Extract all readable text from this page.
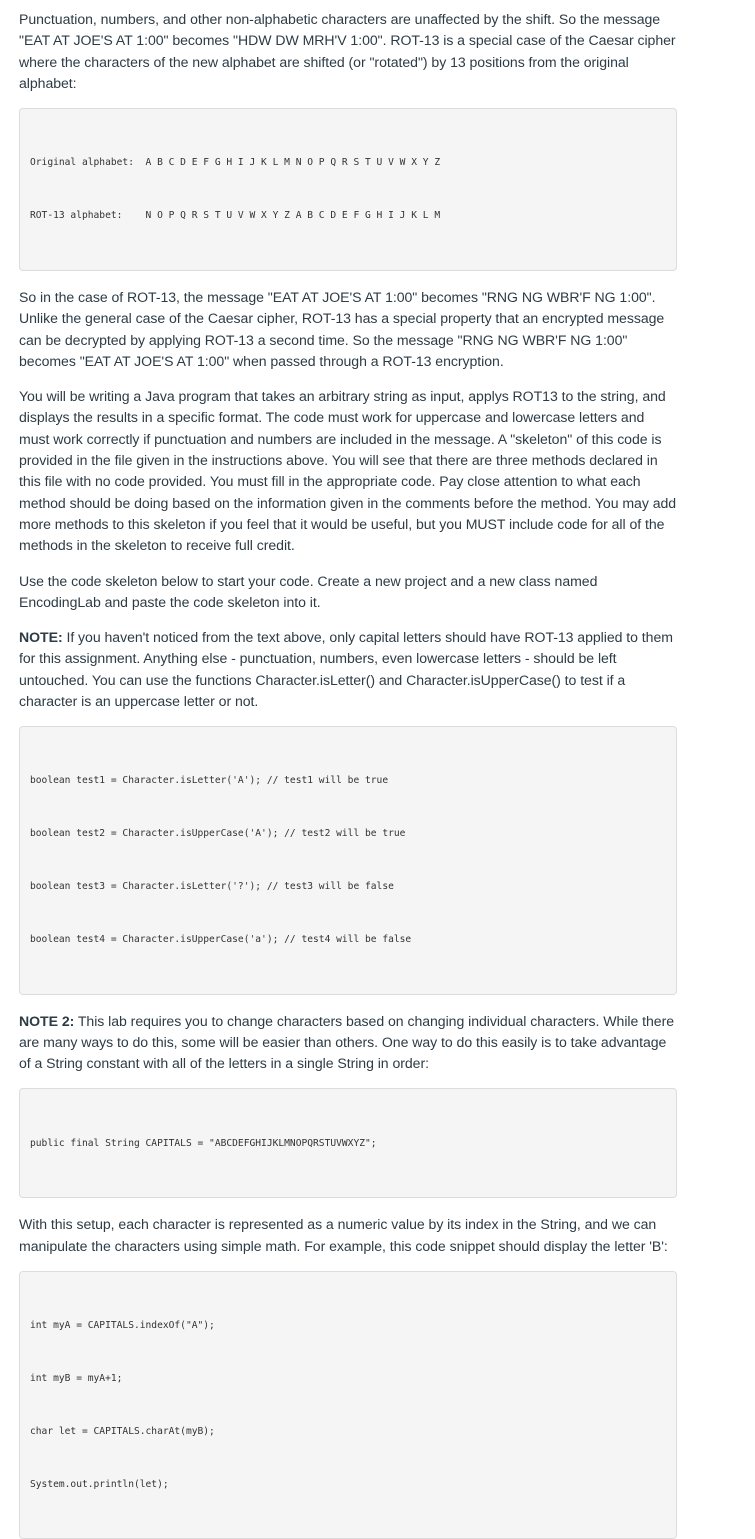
Punctuation, numbers, and other non-alphabetic characters are unaffected by the shift. So the message "EAT AT JOE'S AT 1:00" becomes "HDW DW MRH'V 1:00". ROT-13 is a special case of the Caesar cipher where the characters of the new alphabet are shifted (or "rotated") by 13 positions from the original alphabet:

Original alphabet:  A B C D E F G H I J K L M N O P Q R S T U V W X Y Z

ROT-13 alphabet:    N O P Q R S T U V W X Y Z A B C D E F G H I J K L M

So in the case of ROT-13, the message "EAT AT JOE'S AT 1:00" becomes "RNG NG WBR'F NG 1:00". Unlike the general case of the Caesar cipher, ROT-13 has a special property that an encrypted message can be decrypted by applying ROT-13 a second time. So the message "RNG NG WBR'F NG 1:00" becomes "EAT AT JOE'S AT 1:00" when passed through a ROT-13 encryption.

You will be writing a Java program that takes an arbitrary string as input, applys ROT13 to the string, and displays the results in a specific format. The code must work for uppercase and lowercase letters and must work correctly if punctuation and numbers are included in the message. A "skeleton" of this code is provided in the file given in the instructions above. You will see that there are three methods declared in this file with no code provided. You must fill in the appropriate code. Pay close attention to what each method should be doing based on the information given in the comments before the method. You may add more methods to this skeleton if you feel that it would be useful, but you MUST include code for all of the methods in the skeleton to receive full credit.

Use the code skeleton below to start your code. Create a new project and a new class named EncodingLab and paste the code skeleton into it.

NOTE: If you haven't noticed from the text above, only capital letters should have ROT-13 applied to them for this assignment. Anything else - punctuation, numbers, even lowercase letters - should be left untouched. You can use the functions Character.isLetter() and Character.isUpperCase() to test if a character is an uppercase letter or not.

boolean test1 = Character.isLetter('A'); // test1 will be true

boolean test2 = Character.isUpperCase('A'); // test2 will be true

boolean test3 = Character.isLetter('?'); // test3 will be false

boolean test4 = Character.isUpperCase('a'); // test4 will be false

NOTE 2: This lab requires you to change characters based on changing individual characters. While there are many ways to do this, some will be easier than others. One way to do this easily is to take advantage of a String constant with all of the letters in a single String in order:

public final String CAPITALS = "ABCDEFGHIJKLMNOPQRSTUVWXYZ";

With this setup, each character is represented as a numeric value by its index in the String, and we can manipulate the characters using simple math. For example, this code snippet should display the letter 'B':

int myA = CAPITALS.indexOf("A");

int myB = myA+1;

char let = CAPITALS.charAt(myB);

System.out.println(let);
